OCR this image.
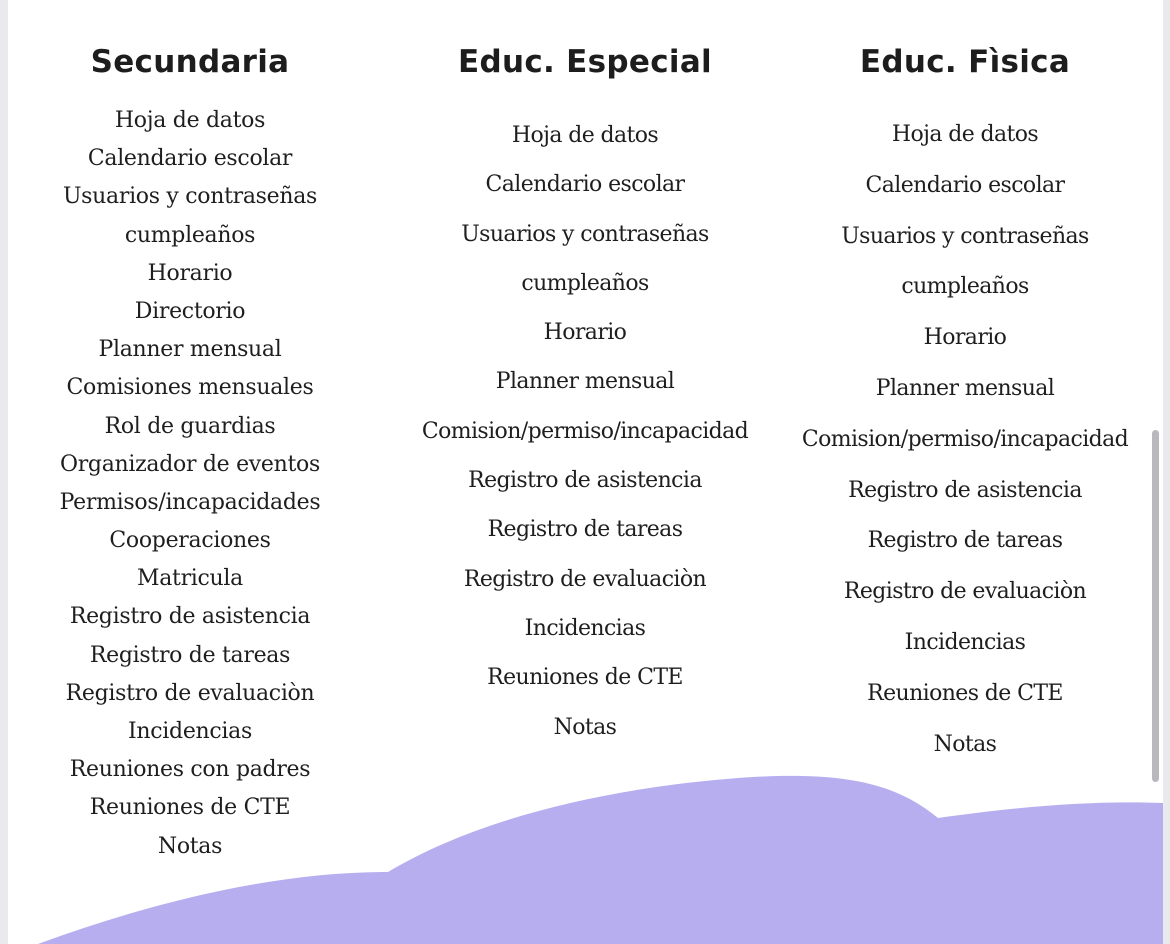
Secundaria
Hoja de datos
Calendario escolar
Usuarios y contraseñas
cumpleaños
Horario
Directorio
Planner mensual
Comisiones mensuales
Rol de guardias
Organizador de eventos
Permisos/incapacidades
Cooperaciones
Matricula
Registro de asistencia
Registro de tareas
Registro de evaluaciòn
Incidencias
Reuniones con padres
Reuniones de CTE
Notas
Educ. Especial
Hoja de datos
Calendario escolar
Usuarios y contraseñas
cumpleaños
Horario
Planner mensual
Comision/permiso/incapacidad
Registro de asistencia
Registro de tareas
Registro de evaluaciòn
Incidencias
Reuniones de CTE
Notas
Educ. Fìsica
Hoja de datos
Calendario escolar
Usuarios y contraseñas
cumpleaños
Horario
Planner mensual
Comision/permiso/incapacidad
Registro de asistencia
Registro de tareas
Registro de evaluaciòn
Incidencias
Reuniones de CTE
Notas
